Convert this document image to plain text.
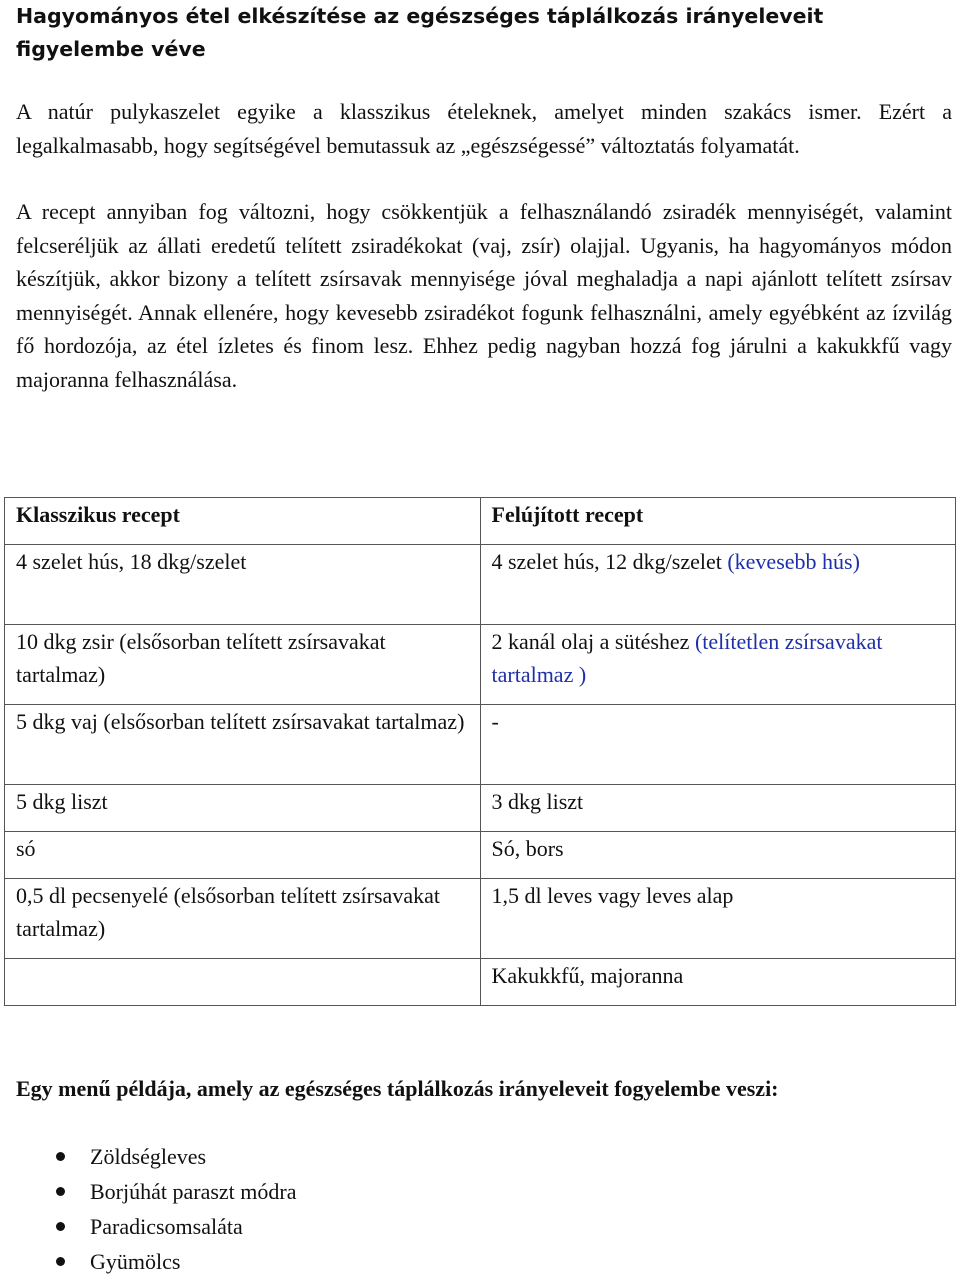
Hagyományos étel elkészítése az egészséges táplálkozás irányeleveit figyelembe véve

A natúr pulykaszelet egyike a klasszikus ételeknek, amelyet minden szakács ismer. Ezért a legalkalmasabb, hogy segítségével bemutassuk az „egészségessé” változtatás folyamatát.

A recept annyiban fog változni, hogy csökkentjük a felhasználandó zsiradék mennyiségét, valamint felcseréljük az állati eredetű telített zsiradékokat (vaj, zsír) olajjal. Ugyanis, ha hagyományos módon készítjük, akkor bizony a telített zsírsavak mennyisége jóval meghaladja a napi ajánlott telített zsírsav mennyiségét. Annak ellenére, hogy kevesebb zsiradékot fogunk felhasználni, amely egyébként az ízvilág fő hordozója, az étel ízletes és finom lesz. Ehhez pedig nagyban hozzá fog járulni a kakukkfű vagy majoranna felhasználása.

Klasszikus recept	Felújított recept
4 szelet hús, 18 dkg/szelet	4 szelet hús, 12 dkg/szelet (kevesebb hús)
10 dkg zsir (elsősorban telített zsírsavakat tartalmaz)	2 kanál olaj a sütéshez (telítetlen zsírsavakat tartalmaz )
5 dkg vaj (elsősorban telített zsírsavakat tartalmaz)	-
5 dkg liszt	3 dkg liszt
só	Só, bors
0,5 dl pecsenyelé (elsősorban telített zsírsavakat tartalmaz)	1,5 dl leves vagy leves alap
	Kakukkfű, majoranna

Egy menű példája, amely az egészséges táplálkozás irányeleveit fogyelembe veszi:

Zöldségleves
Borjúhát paraszt módra
Paradicsomsaláta
Gyümölcs
